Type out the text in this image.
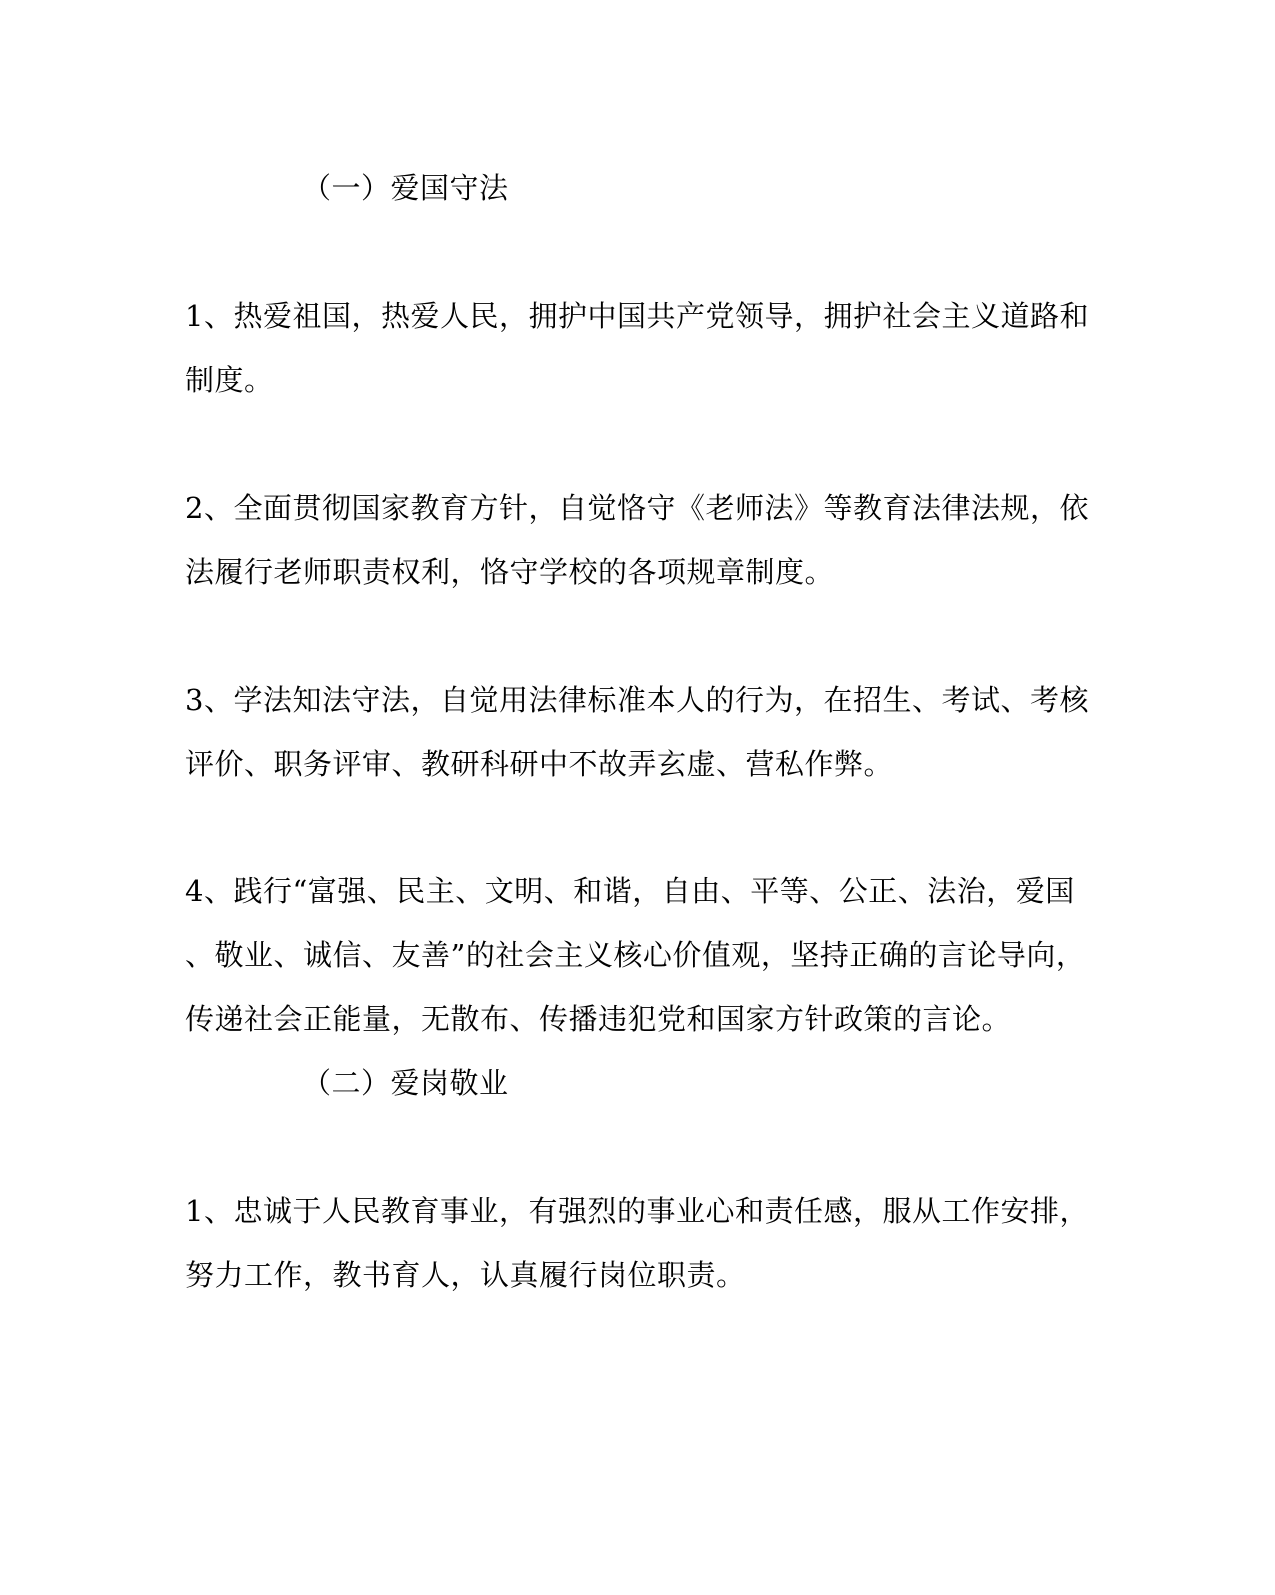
（一）爱国守法
1、热爱祖国，热爱人民，拥护中国共产党领导，拥护社会主义道路和
制度。
2、全面贯彻国家教育方针，自觉恪守《老师法》等教育法律法规，依
法履行老师职责权利，恪守学校的各项规章制度。
3、学法知法守法，自觉用法律标准本人的行为，在招生、考试、考核
评价、职务评审、教研科研中不故弄玄虚、营私作弊。
4、践行“富强、民主、文明、和谐，自由、平等、公正、法治，爱国
、敬业、诚信、友善”的社会主义核心价值观，坚持正确的言论导向，
传递社会正能量，无散布、传播违犯党和国家方针政策的言论。
（二）爱岗敬业
1、忠诚于人民教育事业，有强烈的事业心和责任感，服从工作安排，
努力工作，教书育人，认真履行岗位职责。
